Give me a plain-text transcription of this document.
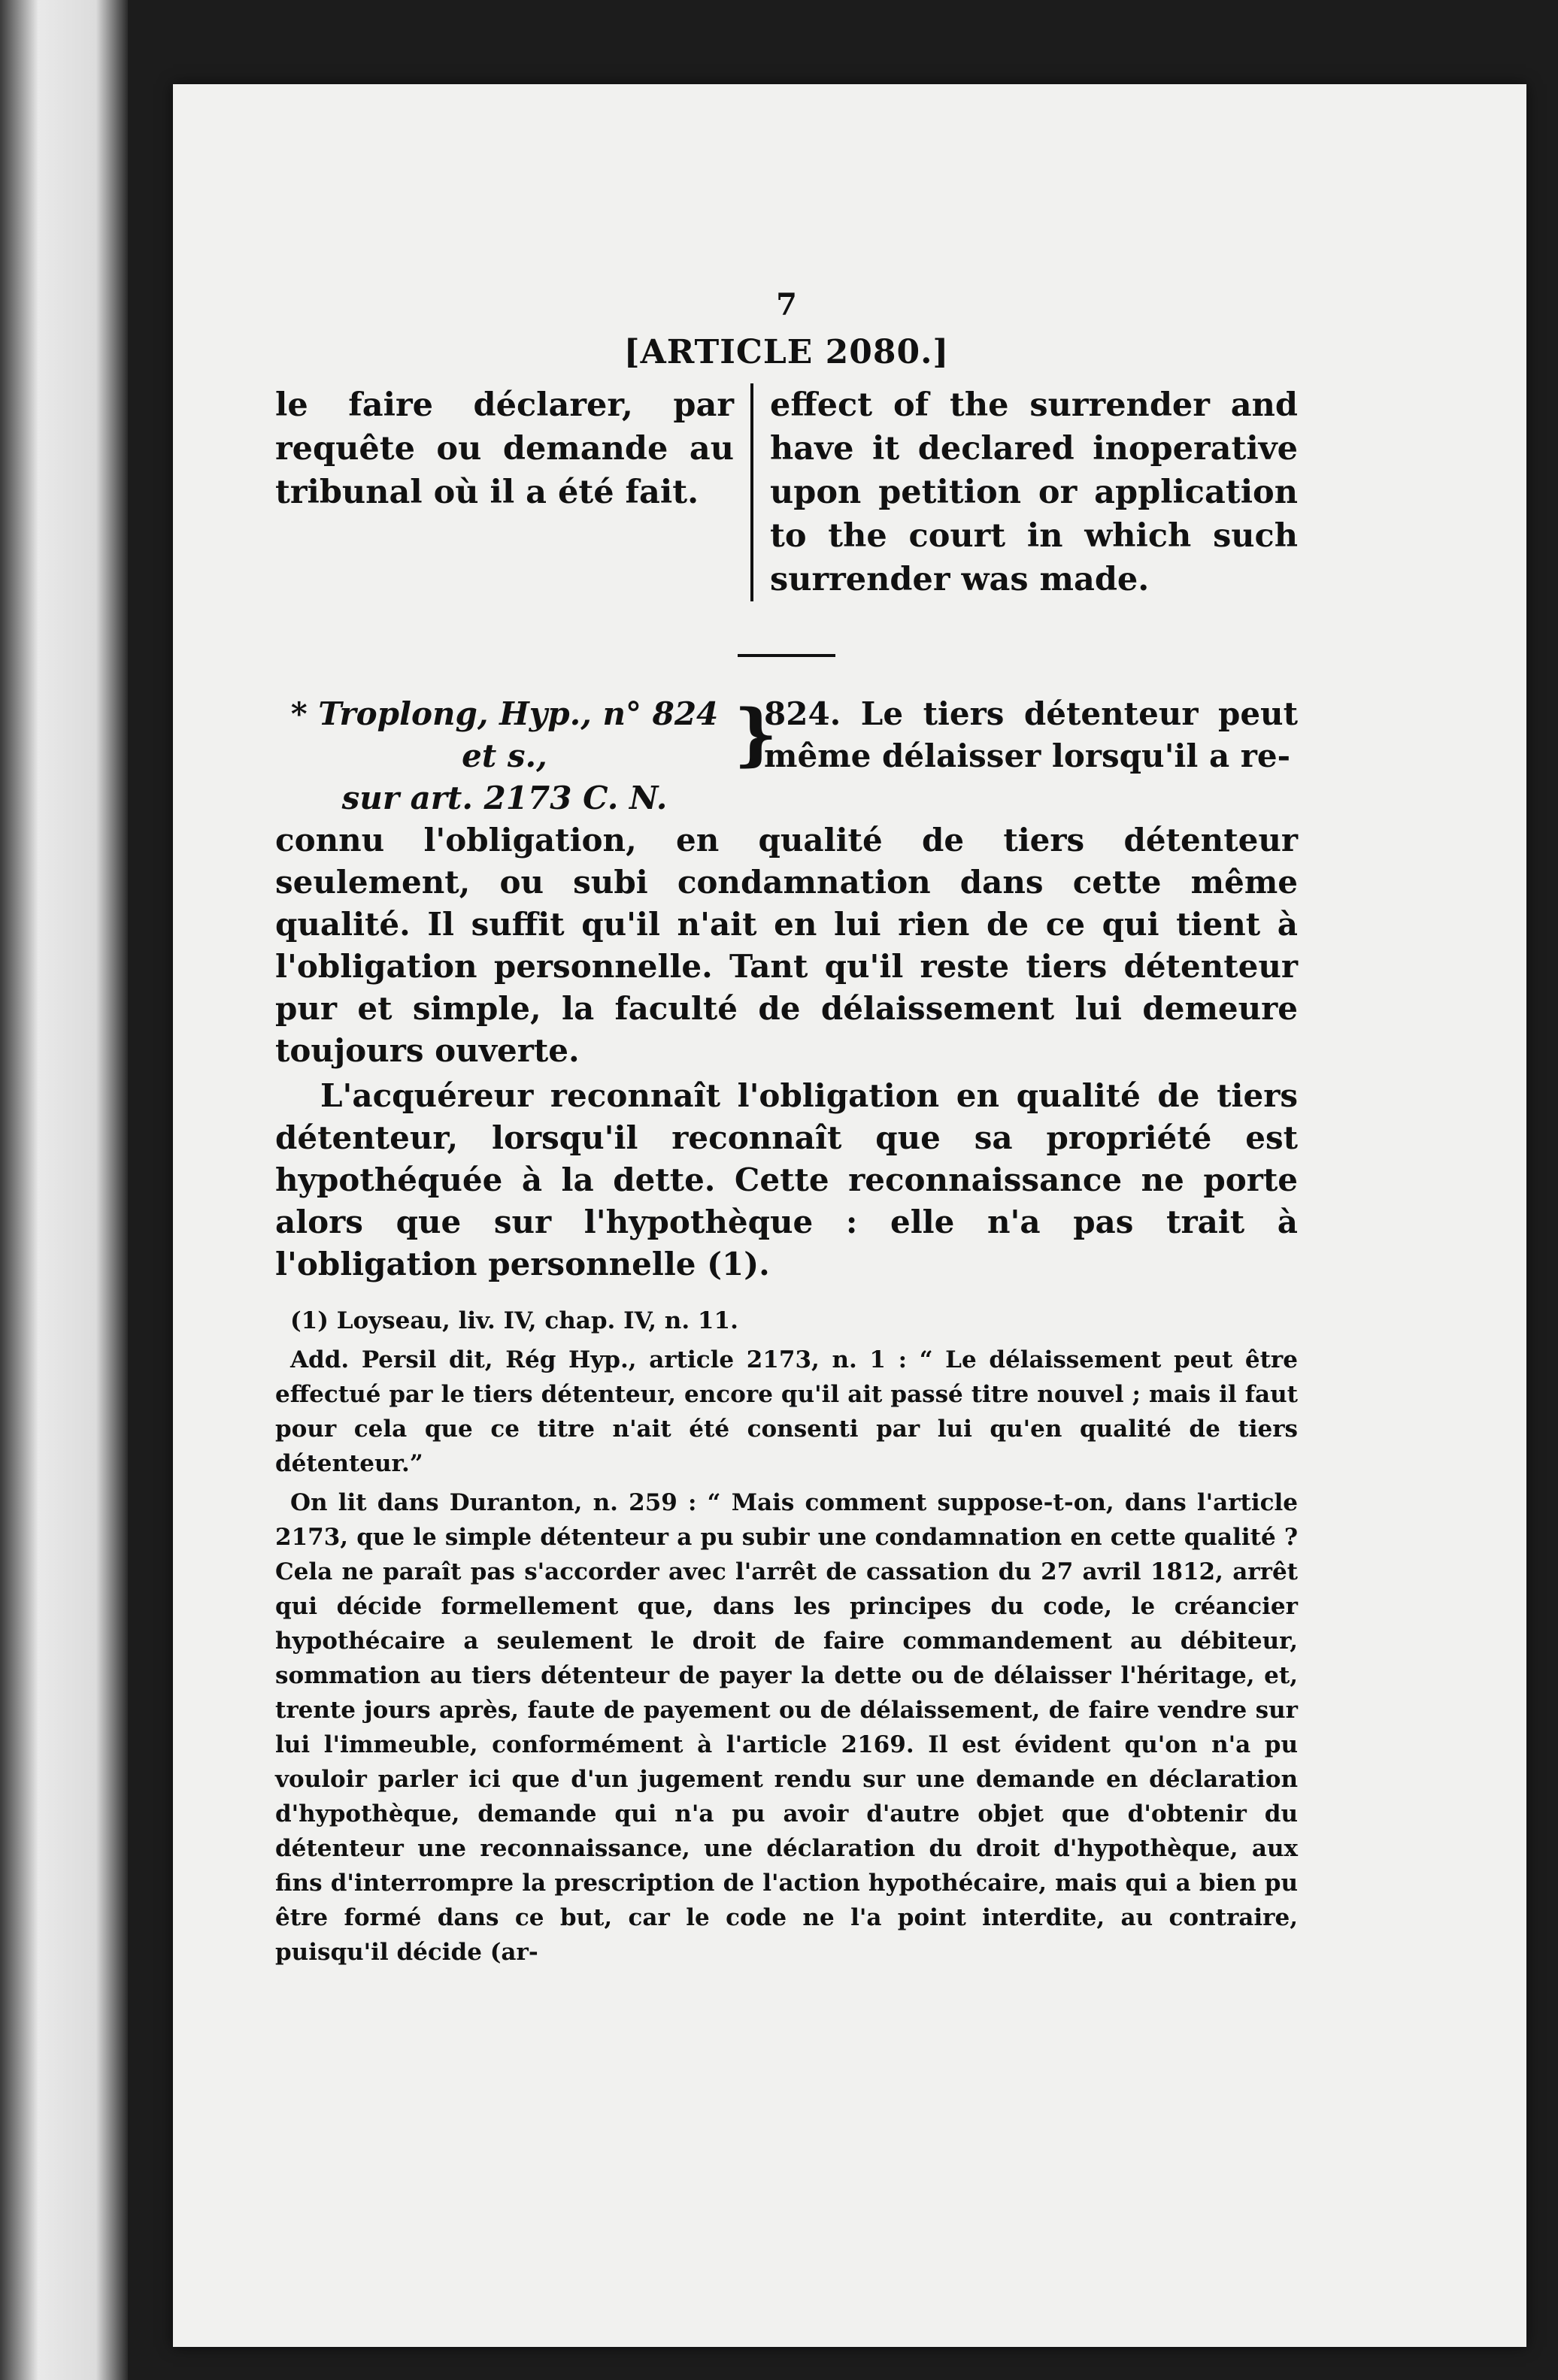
7
[ARTICLE 2080.]
le faire déclarer, par requête ou demande au tribunal où il a été fait.
effect of the surrender and have it declared inoperative upon petition or application to the court in which such surrender was made.
* Troplong, Hyp., n° 824 et s.,
sur art. 2173 C. N.
}
824. Le tiers détenteur peut même délaisser lorsqu'il a re-

connu l'obligation, en qualité de tiers détenteur seulement, ou subi condamnation dans cette même qualité. Il suffit qu'il n'ait en lui rien de ce qui tient à l'obligation personnelle. Tant qu'il reste tiers détenteur pur et simple, la faculté de délaissement lui demeure toujours ouverte.

L'acquéreur reconnaît l'obligation en qualité de tiers détenteur, lorsqu'il reconnaît que sa propriété est hypothéquée à la dette. Cette reconnaissance ne porte alors que sur l'hypothèque : elle n'a pas trait à l'obligation personnelle (1).

(1) Loyseau, liv. IV, chap. IV, n. 11.

Add. Persil dit, Rég Hyp., article 2173, n. 1 : “ Le délaissement peut être effectué par le tiers détenteur, encore qu'il ait passé titre nouvel ; mais il faut pour cela que ce titre n'ait été consenti par lui qu'en qualité de tiers détenteur.”

On lit dans Duranton, n. 259 : “ Mais comment suppose-t-on, dans l'article 2173, que le simple détenteur a pu subir une condamnation en cette qualité ? Cela ne paraît pas s'accorder avec l'arrêt de cassation du 27 avril 1812, arrêt qui décide formellement que, dans les principes du code, le créancier hypothécaire a seulement le droit de faire commandement au débiteur, sommation au tiers détenteur de payer la dette ou de délaisser l'héritage, et, trente jours après, faute de payement ou de délaissement, de faire vendre sur lui l'immeuble, conformément à l'article 2169. Il est évident qu'on n'a pu vouloir parler ici que d'un jugement rendu sur une demande en déclaration d'hypothèque, demande qui n'a pu avoir d'autre objet que d'obtenir du détenteur une reconnaissance, une déclaration du droit d'hypothèque, aux fins d'interrompre la prescription de l'action hypothécaire, mais qui a bien pu être formé dans ce but, car le code ne l'a point interdite, au contraire, puisqu'il décide (ar-
